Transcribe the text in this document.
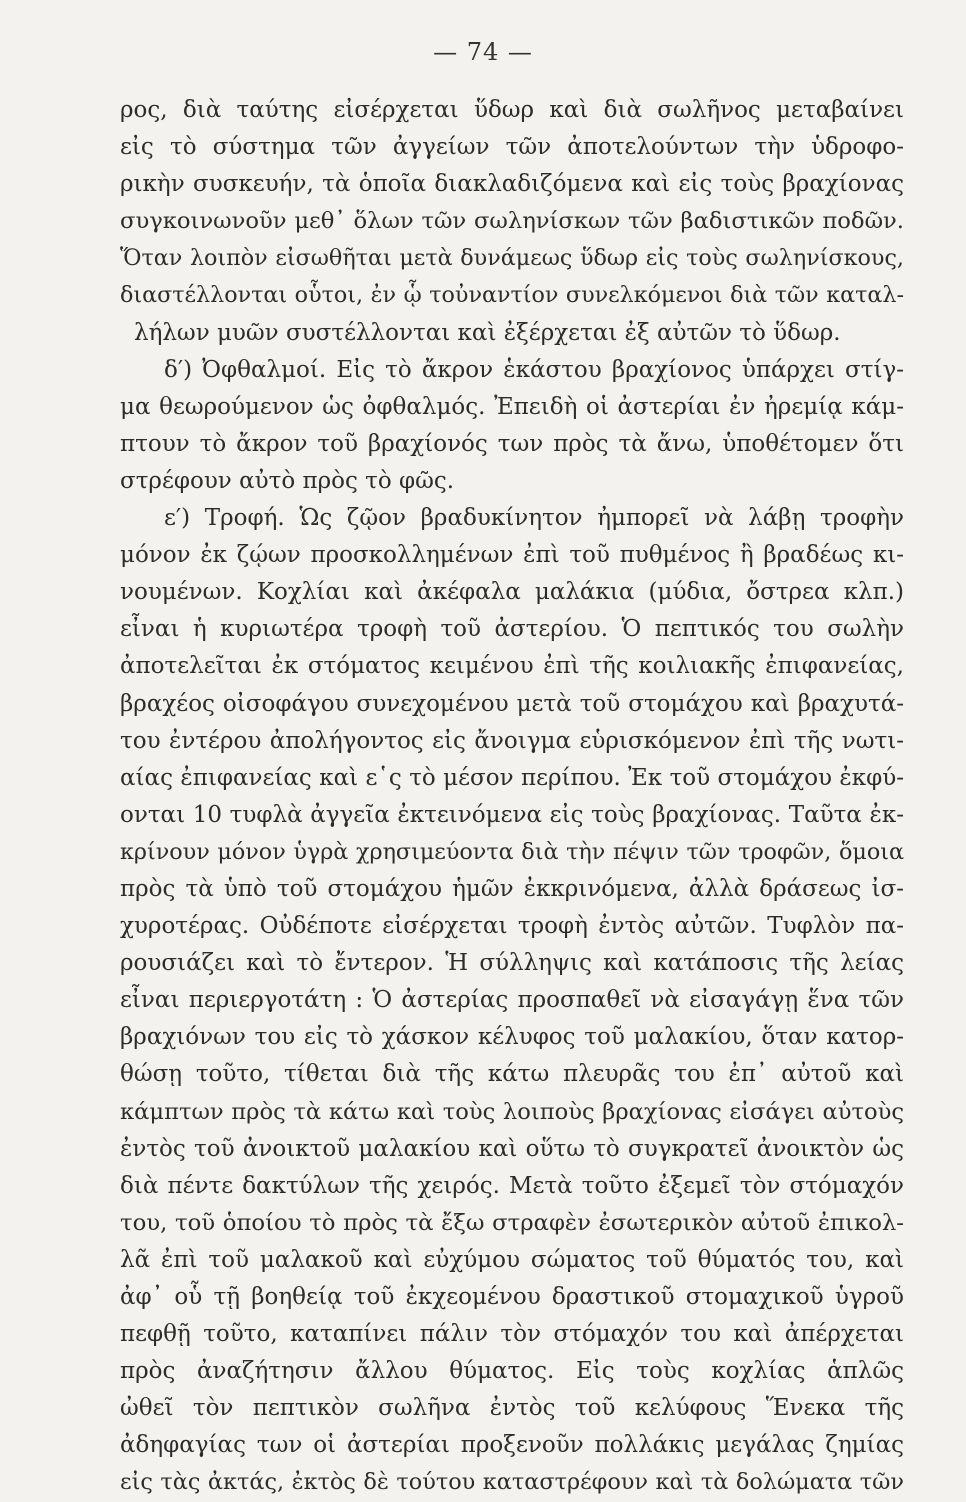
— 74 —
ρος, διὰ ταύτης εἰσέρχεται ὕδωρ καὶ διὰ σωλῆνος μεταβαίνει
εἰς τὸ σύστημα τῶν ἀγγείων τῶν ἀποτελούντων τὴν ὑδροφο-
ρικὴν συσκευήν, τὰ ὁποῖα διακλαδιζόμενα καὶ εἰς τοὺς βραχίονας
συγκοινωνοῦν μεθ᾽ ὅλων τῶν σωληνίσκων τῶν βαδιστικῶν ποδῶν.
Ὅταν λοιπὸν εἰσωθῆται μετὰ δυνάμεως ὕδωρ εἰς τοὺς σωληνίσκους,
διαστέλλονται οὗτοι, ἐν ᾧ τοὐναντίον συνελκόμενοι διὰ τῶν καταλ-
λήλων μυῶν συστέλλονται καὶ ἐξέρχεται ἐξ αὐτῶν τὸ ὕδωρ.
δ′) Ὀφθαλμοί. Εἰς τὸ ἄκρον ἑκάστου βραχίονος ὑπάρχει στίγ-
μα θεωρούμενον ὡς ὀφθαλμός. Ἐπειδὴ οἱ ἀστερίαι ἐν ἠρεμίᾳ κάμ-
πτουν τὸ ἄκρον τοῦ βραχίονός των πρὸς τὰ ἄνω, ὑποθέτομεν ὅτι
στρέφουν αὐτὸ πρὸς τὸ φῶς.
ε′) Τροφή. Ὡς ζῷον βραδυκίνητον ἠμπορεῖ νὰ λάβῃ τροφὴν
μόνον ἐκ ζῴων προσκολλημένων ἐπὶ τοῦ πυθμένος ἢ βραδέως κι-
νουμένων. Κοχλίαι καὶ ἀκέφαλα μαλάκια (μύδια, ὄστρεα κλπ.)
εἶναι ἡ κυριωτέρα τροφὴ τοῦ ἀστερίου. Ὁ πεπτικός του σωλὴν
ἀποτελεῖται ἐκ στόματος κειμένου ἐπὶ τῆς κοιλιακῆς ἐπιφανείας,
βραχέος οἰσοφάγου συνεχομένου μετὰ τοῦ στομάχου καὶ βραχυτά-
του ἐντέρου ἀπολήγοντος εἰς ἄνοιγμα εὑρισκόμενον ἐπὶ τῆς νωτι-
αίας ἐπιφανείας καὶ ε῾ς τὸ μέσον περίπου. Ἐκ τοῦ στομάχου ἐκφύ-
ονται 10 τυφλὰ ἀγγεῖα ἐκτεινόμενα εἰς τοὺς βραχίονας. Ταῦτα ἐκ-
κρίνουν μόνον ὑγρὰ χρησιμεύοντα διὰ τὴν πέψιν τῶν τροφῶν, ὅμοια
πρὸς τὰ ὑπὸ τοῦ στομάχου ἡμῶν ἐκκρινόμενα, ἀλλὰ δράσεως ἰσ-
χυροτέρας. Οὐδέποτε εἰσέρχεται τροφὴ ἐντὸς αὐτῶν. Τυφλὸν πα-
ρουσιάζει καὶ τὸ ἔντερον. Ἡ σύλληψις καὶ κατάποσις τῆς λείας
εἶναι περιεργοτάτη : Ὁ ἀστερίας προσπαθεῖ νὰ εἰσαγάγῃ ἕνα τῶν
βραχιόνων του εἰς τὸ χάσκον κέλυφος τοῦ μαλακίου, ὅταν κατορ-
θώσῃ τοῦτο, τίθεται διὰ τῆς κάτω πλευρᾶς του ἐπ᾽ αὐτοῦ καὶ
κάμπτων πρὸς τὰ κάτω καὶ τοὺς λοιποὺς βραχίονας εἰσάγει αὐτοὺς
ἐντὸς τοῦ ἀνοικτοῦ μαλακίου καὶ οὕτω τὸ συγκρατεῖ ἀνοικτὸν ὡς
διὰ πέντε δακτύλων τῆς χειρός. Μετὰ τοῦτο ἐξεμεῖ τὸν στόμαχόν
του, τοῦ ὁποίου τὸ πρὸς τὰ ἔξω στραφὲν ἐσωτερικὸν αὐτοῦ ἐπικολ-
λᾶ ἐπὶ τοῦ μαλακοῦ καὶ εὐχύμου σώματος τοῦ θύματός του, καὶ
ἀφ᾽ οὗ τῇ βοηθείᾳ τοῦ ἐκχεομένου δραστικοῦ στομαχικοῦ ὑγροῦ
πεφθῇ τοῦτο, καταπίνει πάλιν τὸν στόμαχόν του καὶ ἀπέρχεται
πρὸς ἀναζήτησιν ἄλλου θύματος. Εἰς τοὺς κοχλίας ἁπλῶς
ὠθεῖ τὸν πεπτικὸν σωλῆνα ἐντὸς τοῦ κελύφους Ἕνεκα τῆς
ἀδηφαγίας των οἱ ἀστερίαι προξενοῦν πολλάκις μεγάλας ζημίας
εἰς τὰς ἀκτάς, ἐκτὸς δὲ τούτου καταστρέφουν καὶ τὰ δολώματα τῶν
